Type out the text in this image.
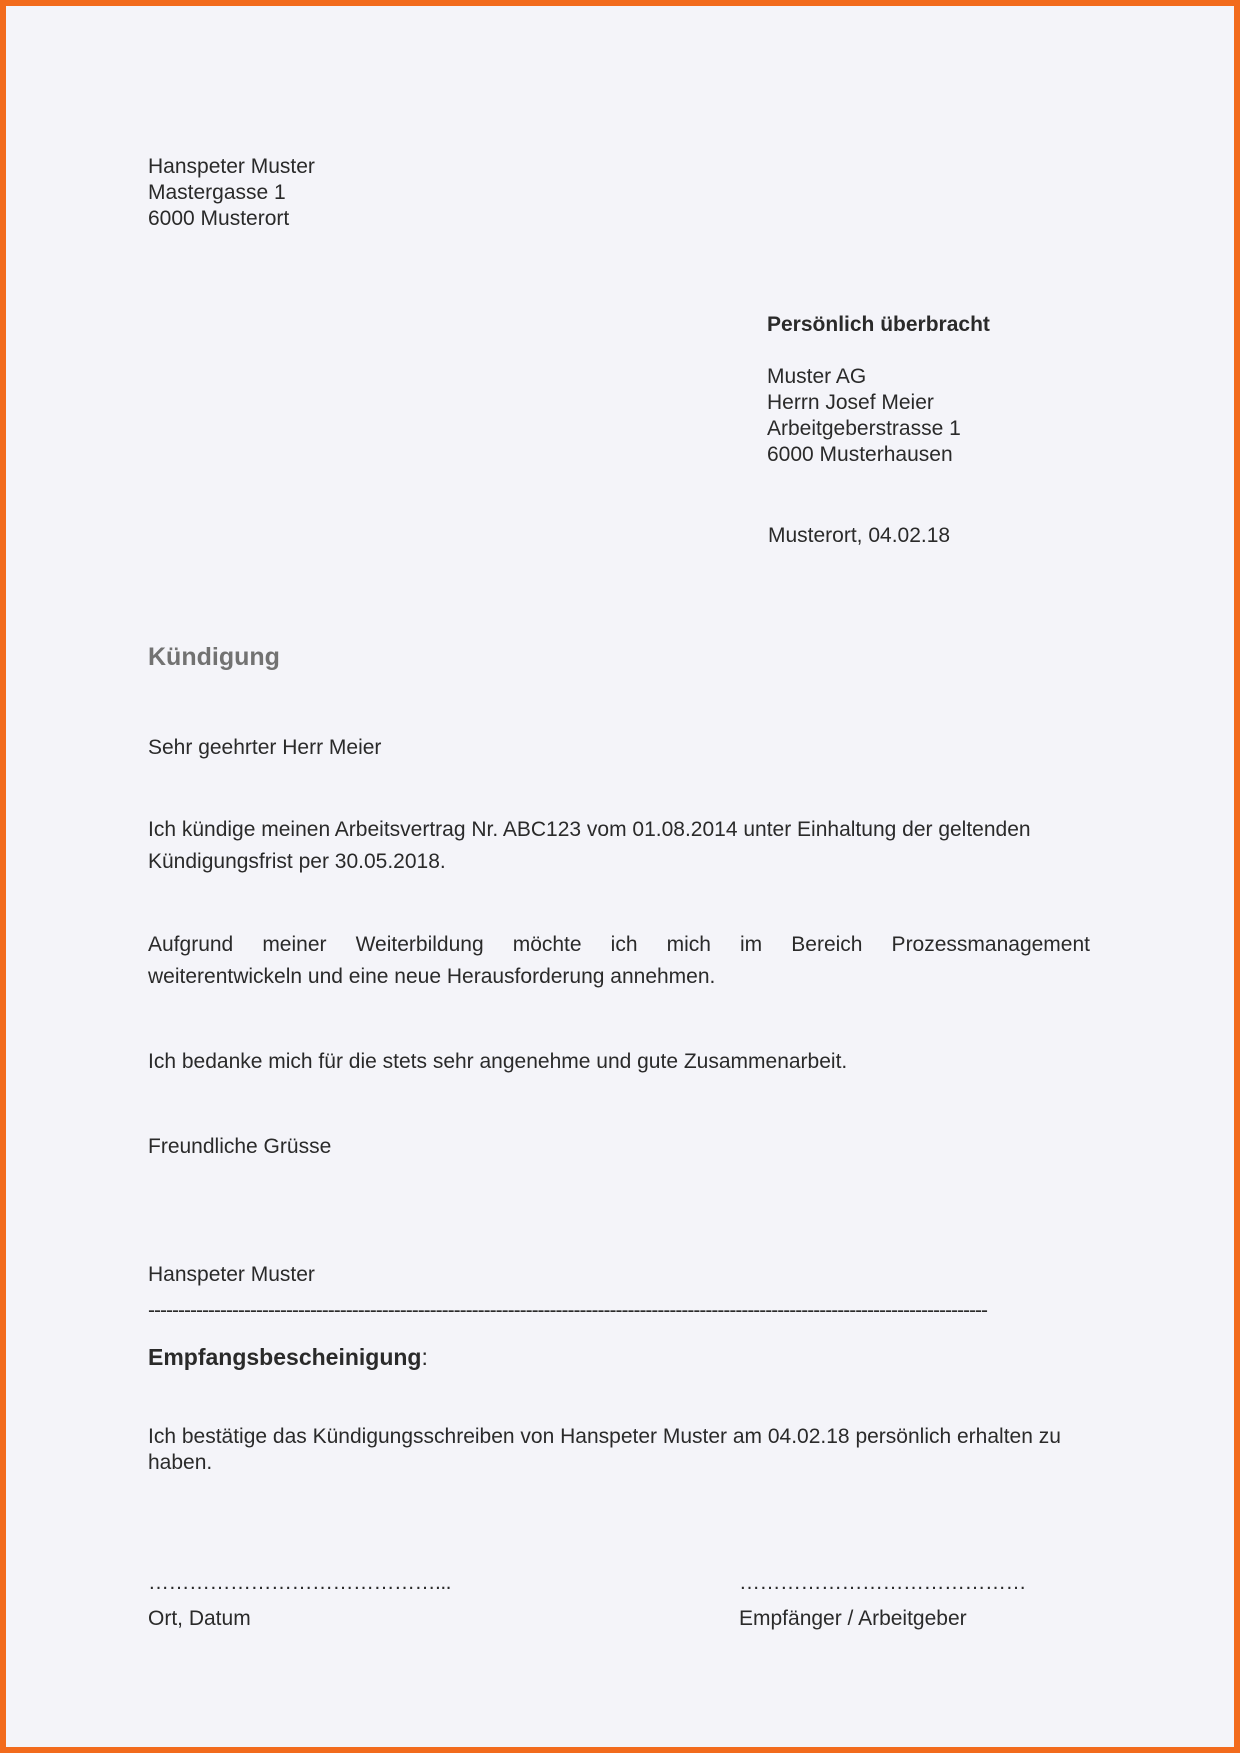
Hanspeter Muster
Mastergasse 1
6000 Musterort
Persönlich überbracht
Muster AG
Herrn Josef Meier
Arbeitgeberstrasse 1
6000 Musterhausen
Musterort, 04.02.18
Kündigung
Sehr geehrter Herr Meier

Ich kündige meinen Arbeitsvertrag Nr. ABC123 vom 01.08.2014 unter Einhaltung der geltenden Kündigungsfrist per 30.05.2018.

Aufgrund meiner Weiterbildung möchte ich mich im Bereich Prozessmanagement
weiterentwickeln und eine neue Herausforderung annehmen.

Ich bedanke mich für die stets sehr angenehme und gute Zusammenarbeit.

Freundliche Grüsse
Hanspeter Muster
--------------------------------------------------------------------------------------------------------------------------------------------
Empfangsbescheinigung:

Ich bestätige das Kündigungsschreiben von Hanspeter Muster am 04.02.18 persönlich erhalten zu haben.

……………………………………...	……………………………………
Ort, Datum	Empfänger / Arbeitgeber
